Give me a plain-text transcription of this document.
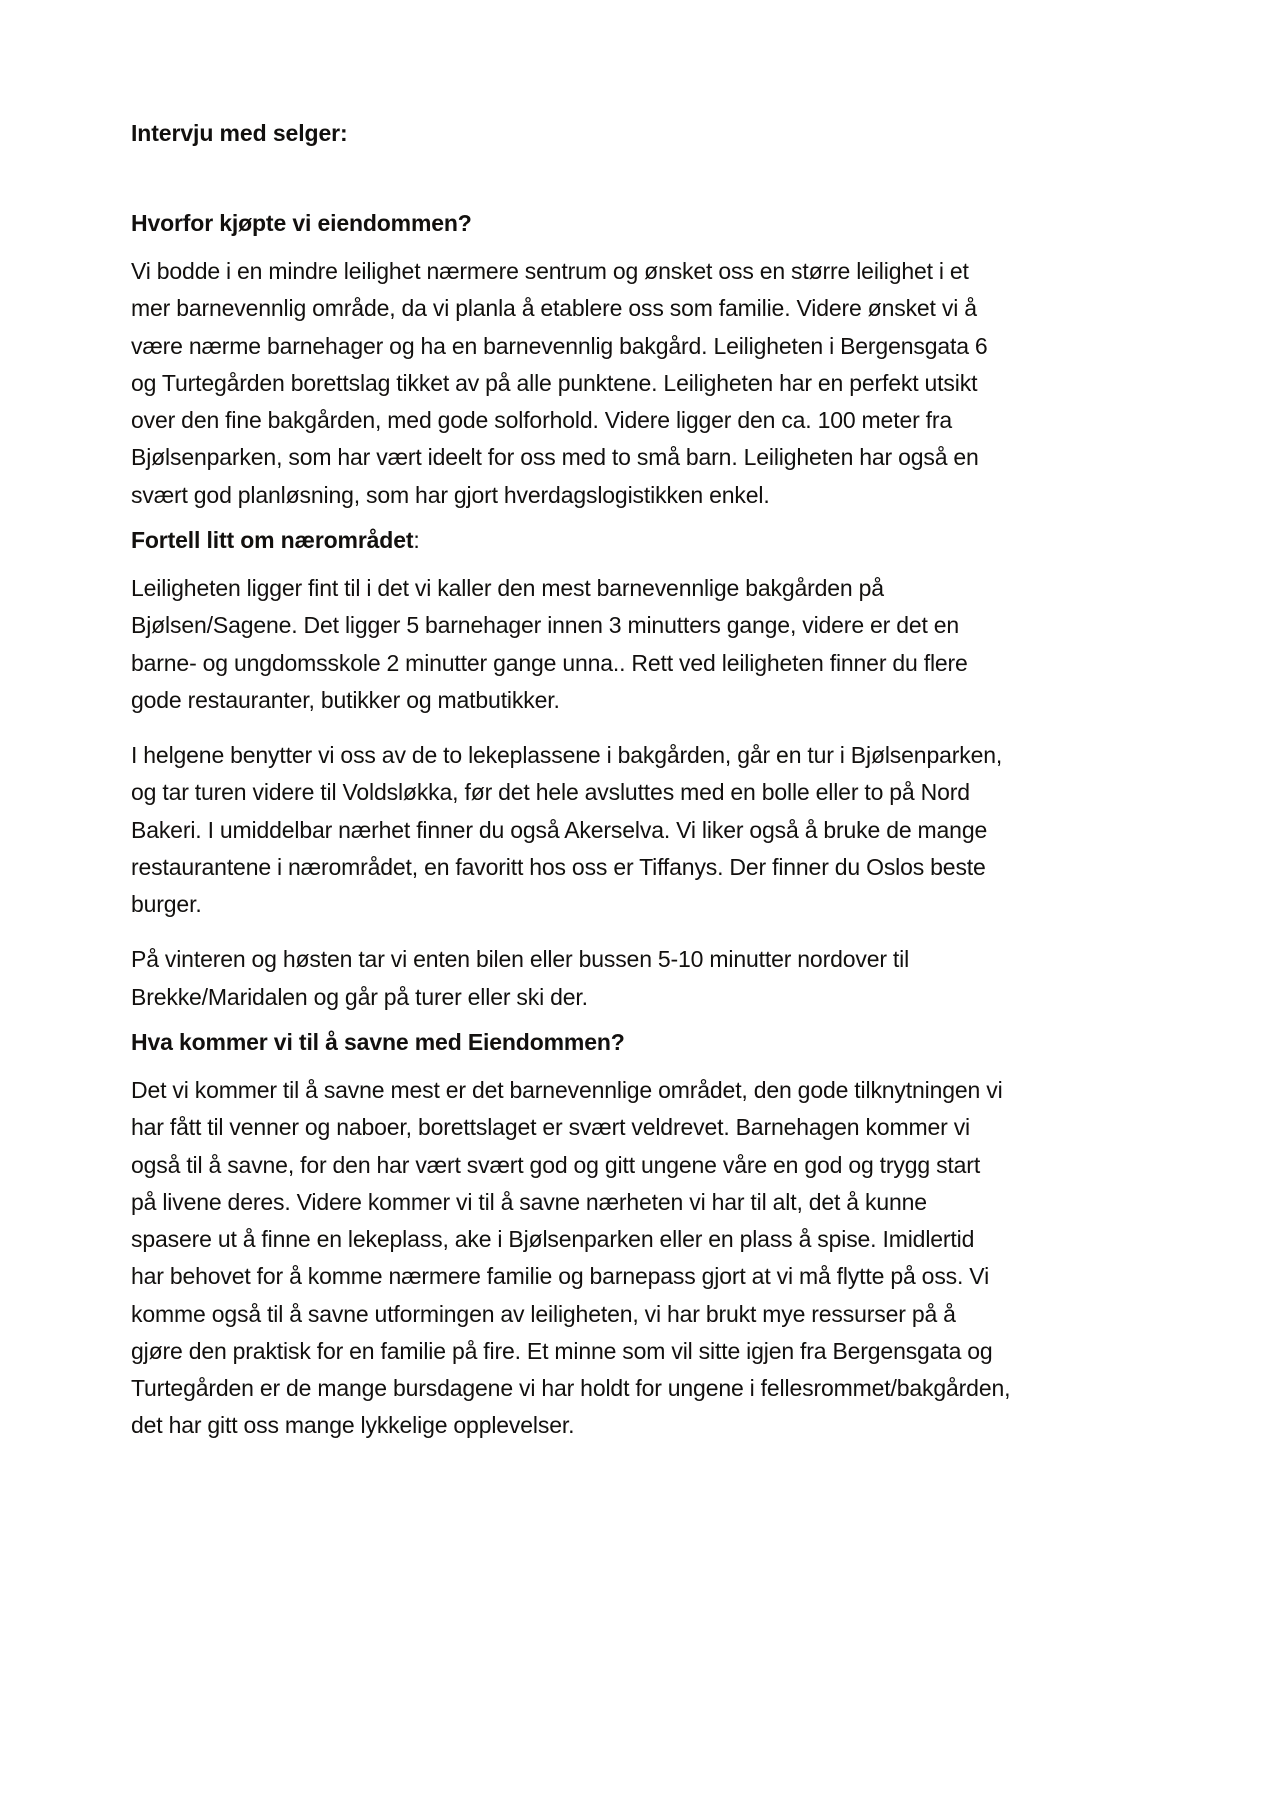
Intervju med selger:
Hvorfor kjøpte vi eiendommen?

Vi bodde i en mindre leilighet nærmere sentrum og ønsket oss en større leilighet i et mer barnevennlig område, da vi planla å etablere oss som familie. Videre ønsket vi å være nærme barnehager og ha en barnevennlig bakgård. Leiligheten i Bergensgata 6 og Turtegården borettslag tikket av på alle punktene. Leiligheten har en perfekt utsikt over den fine bakgården, med gode solforhold. Videre ligger den ca. 100 meter fra Bjølsenparken, som har vært ideelt for oss med to små barn. Leiligheten har også en svært god planløsning, som har gjort hverdagslogistikken enkel.

Fortell litt om nærområdet:

Leiligheten ligger fint til i det vi kaller den mest barnevennlige bakgården på Bjølsen/Sagene. Det ligger 5 barnehager innen 3 minutters gange, videre er det en barne- og ungdomsskole 2 minutter gange unna.. Rett ved leiligheten finner du flere gode restauranter, butikker og matbutikker.

I helgene benytter vi oss av de to lekeplassene i bakgården, går en tur i Bjølsenparken, og tar turen videre til Voldsløkka, før det hele avsluttes med en bolle eller to på Nord Bakeri. I umiddelbar nærhet finner du også Akerselva. Vi liker også å bruke de mange restaurantene i nærområdet, en favoritt hos oss er Tiffanys. Der finner du Oslos beste burger.

På vinteren og høsten tar vi enten bilen eller bussen 5-10 minutter nordover til Brekke/Maridalen og går på turer eller ski der.

Hva kommer vi til å savne med Eiendommen?

Det vi kommer til å savne mest er det barnevennlige området, den gode tilknytningen vi har fått til venner og naboer, borettslaget er svært veldrevet. Barnehagen kommer vi også til å savne, for den har vært svært god og gitt ungene våre en god og trygg start på livene deres. Videre kommer vi til å savne nærheten vi har til alt, det å kunne spasere ut å finne en lekeplass, ake i Bjølsenparken eller en plass å spise. Imidlertid har behovet for å komme nærmere familie og barnepass gjort at vi må flytte på oss. Vi komme også til å savne utformingen av leiligheten, vi har brukt mye ressurser på å gjøre den praktisk for en familie på fire. Et minne som vil sitte igjen fra Bergensgata og Turtegården er de mange bursdagene vi har holdt for ungene i fellesrommet/bakgården, det har gitt oss mange lykkelige opplevelser.
